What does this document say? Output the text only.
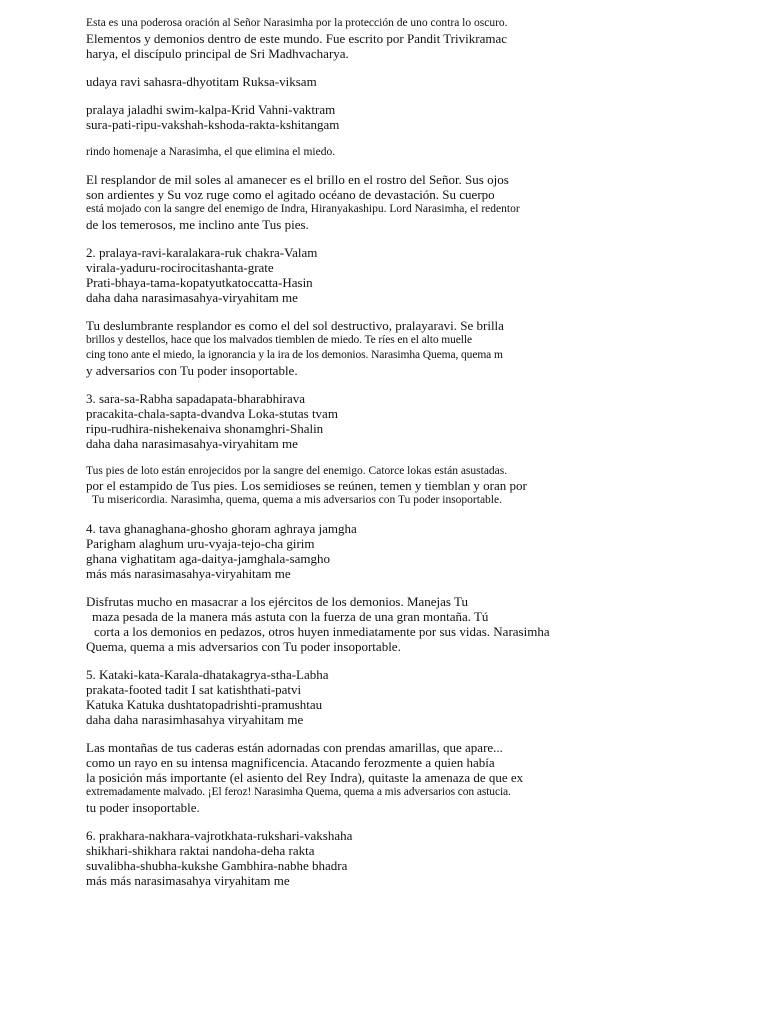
Esta es una poderosa oración al Señor Narasimha por la protección de uno contra lo oscuro.
Elementos y demonios dentro de este mundo. Fue escrito por Pandit Trivikramac
harya, el discípulo principal de Sri Madhvacharya.
udaya ravi sahasra-dhyotitam Ruksa-viksam
pralaya jaladhi swim-kalpa-Krid Vahni-vaktram
sura-pati-ripu-vakshah-kshoda-rakta-kshitangam
rindo homenaje a Narasimha, el que elimina el miedo.
El resplandor de mil soles al amanecer es el brillo en el rostro del Señor. Sus ojos
son ardientes y Su voz ruge como el agitado océano de devastación. Su cuerpo
está mojado con la sangre del enemigo de Indra, Hiranyakashipu. Lord Narasimha, el redentor
de los temerosos, me inclino ante Tus pies.
2. pralaya-ravi-karalakara-ruk chakra-Valam
virala-yaduru-rocirocitashanta-grate
Prati-bhaya-tama-kopatyutkatoccatta-Hasin
daha daha narasimasahya-viryahitam me
Tu deslumbrante resplandor es como el del sol destructivo, pralayaravi. Se brilla
brillos y destellos, hace que los malvados tiemblen de miedo. Te ríes en el alto muelle
cing tono ante el miedo, la ignorancia y la ira de los demonios. Narasimha Quema, quema m
y adversarios con Tu poder insoportable.
3. sara-sa-Rabha sapadapata-bharabhirava
pracakita-chala-sapta-dvandva Loka-stutas tvam
ripu-rudhira-nishekenaiva shonamghri-Shalin
daha daha narasimasahya-viryahitam me
Tus pies de loto están enrojecidos por la sangre del enemigo. Catorce lokas están asustadas.
por el estampido de Tus pies. Los semidioses se reúnen, temen y tiemblan y oran por
Tu misericordia. Narasimha, quema, quema a mis adversarios con Tu poder insoportable.
4. tava ghanaghana-ghosho ghoram aghraya jamgha
Parigham alaghum uru-vyaja-tejo-cha girim
ghana vighatitam aga-daitya-jamghala-samgho
más más narasimasahya-viryahitam me
Disfrutas mucho en masacrar a los ejércitos de los demonios. Manejas Tu
maza pesada de la manera más astuta con la fuerza de una gran montaña. Tú
corta a los demonios en pedazos, otros huyen inmediatamente por sus vidas. Narasimha
Quema, quema a mis adversarios con Tu poder insoportable.
5. Kataki-kata-Karala-dhatakagrya-stha-Labha
prakata-footed tadit I sat katishthati-patvi
Katuka Katuka dushtatopadrishti-pramushtau
daha daha narasimhasahya viryahitam me
Las montañas de tus caderas están adornadas con prendas amarillas, que apare...
como un rayo en su intensa magnificencia. Atacando ferozmente a quien había
la posición más importante (el asiento del Rey Indra), quitaste la amenaza de que ex
extremadamente malvado. ¡El feroz! Narasimha Quema, quema a mis adversarios con astucia.
tu poder insoportable.
6. prakhara-nakhara-vajrotkhata-rukshari-vakshaha
shikhari-shikhara raktai nandoha-deha rakta
suvalibha-shubha-kukshe Gambhira-nabhe bhadra
más más narasimasahya viryahitam me
